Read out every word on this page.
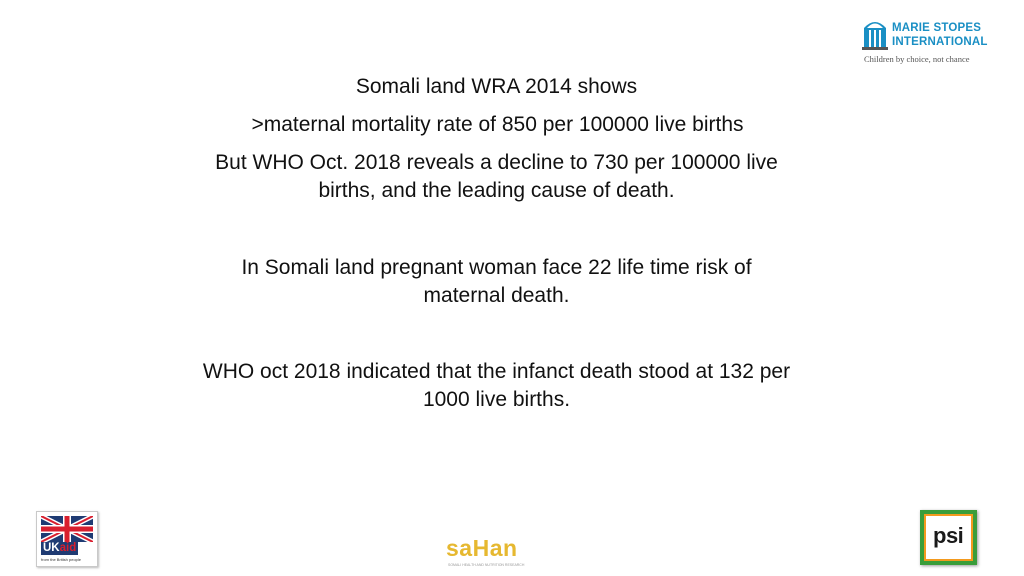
MARIE STOPES
INTERNATIONAL
Children by choice, not chance
Somali land WRA 2014 shows
>maternal mortality rate of 850 per 100000 live births
But WHO Oct. 2018 reveals a decline to 730 per 100000 live
births, and the leading cause of death.
In Somali land pregnant woman face 22 life time risk of
maternal death.
WHO oct 2018 indicated that the infanct death stood at 132 per
1000 live births.
UKaid
from the British people	saHan
SOMALI HEALTH AND NUTRITION RESEARCH
psi
